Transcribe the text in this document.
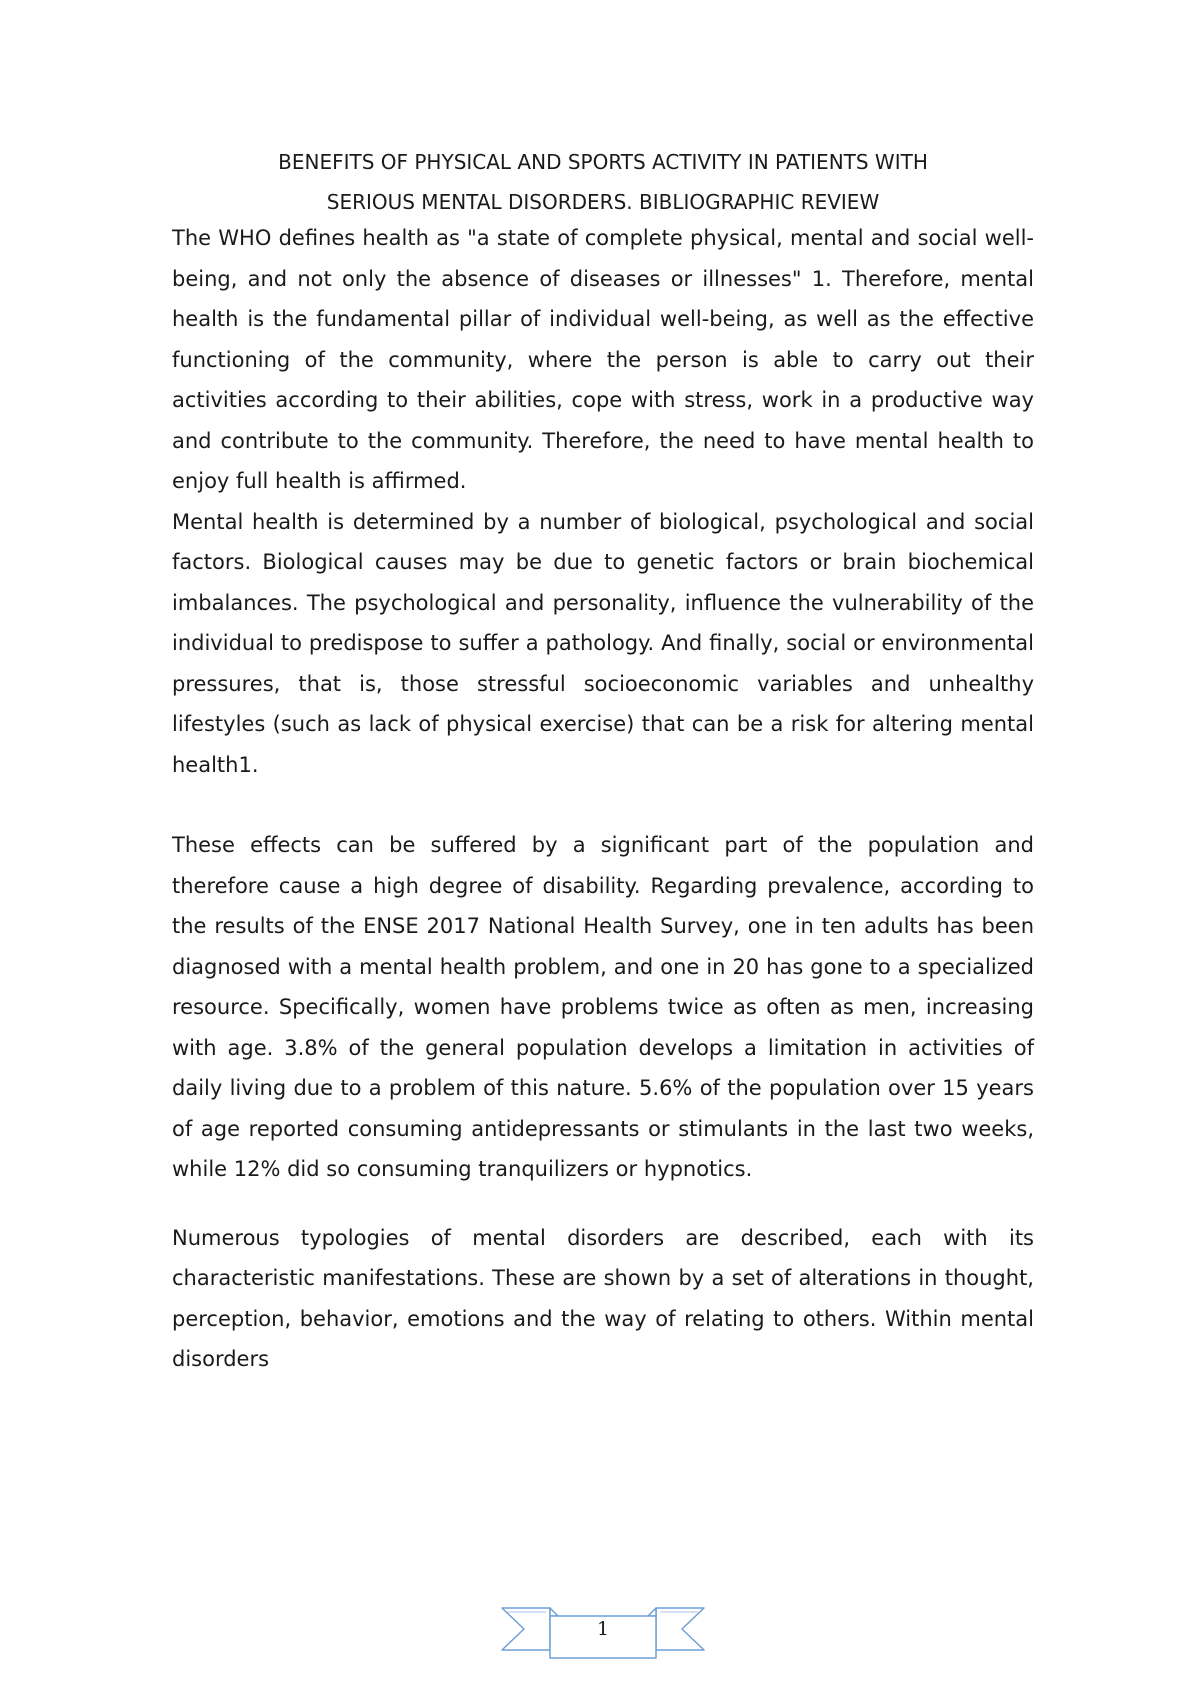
BENEFITS OF PHYSICAL AND SPORTS ACTIVITY IN PATIENTS WITH
SERIOUS MENTAL DISORDERS. BIBLIOGRAPHIC REVIEW

The WHO defines health as "a state of complete physical, mental and social well-being, and not only the absence of diseases or illnesses" 1. Therefore, mental health is the fundamental pillar of individual well-being, as well as the effective functioning of the community, where the person is able to carry out their activities according to their abilities, cope with stress, work in a productive way and contribute to the community. Therefore, the need to have mental health to enjoy full health is affirmed.

Mental health is determined by a number of biological, psychological and social factors. Biological causes may be due to genetic factors or brain biochemical imbalances. The psychological and personality, influence the vulnerability of the individual to predispose to suffer a pathology. And finally, social or environmental pressures, that is, those stressful socioeconomic variables and unhealthy lifestyles (such as lack of physical exercise) that can be a risk for altering mental health1.

These effects can be suffered by a significant part of the population and therefore cause a high degree of disability. Regarding prevalence, according to the results of the ENSE 2017 National Health Survey, one in ten adults has been diagnosed with a mental health problem, and one in 20 has gone to a specialized resource. Specifically, women have problems twice as often as men, increasing with age. 3.8% of the general population develops a limitation in activities of daily living due to a problem of this nature. 5.6% of the population over 15 years of age reported consuming antidepressants or stimulants in the last two weeks, while 12% did so consuming tranquilizers or hypnotics.

Numerous typologies of mental disorders are described, each with its characteristic manifestations. These are shown by a set of alterations in thought, perception, behavior, emotions and the way of relating to others. Within mental disorders

1
